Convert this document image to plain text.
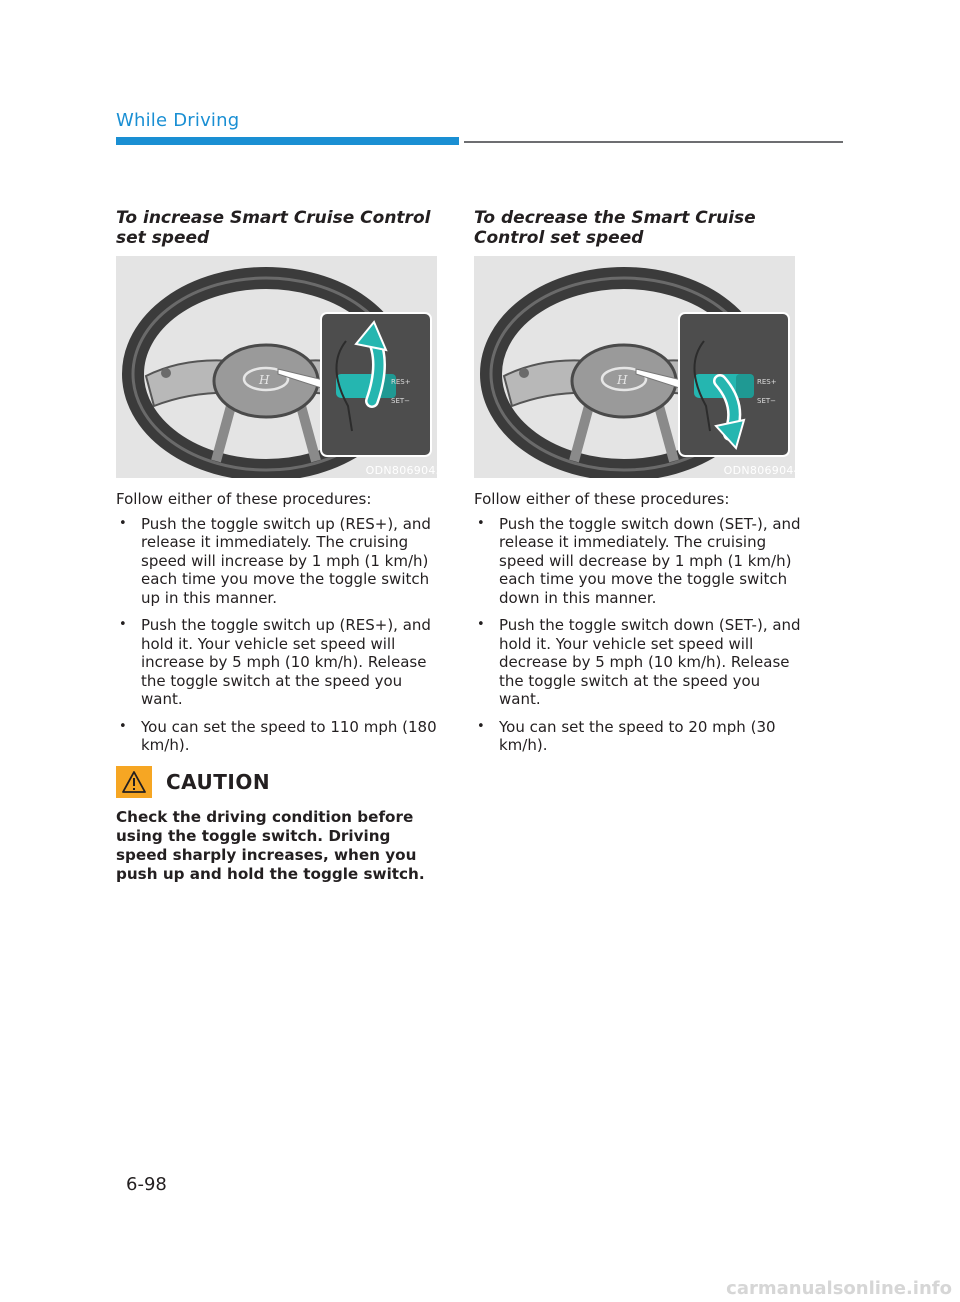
While Driving
To increase Smart Cruise Control set speed
H	RES+
SET−
ODN8069045

Follow either of these procedures:

• Push the toggle switch up (RES+), and release it immediately. The cruising speed will increase by 1 mph (1 km/h) each time you move the toggle switch up in this manner.
• Push the toggle switch up (RES+), and hold it. Your vehicle set speed will increase by 5 mph (10 km/h). Release the toggle switch at the speed you want.
• You can set the speed to 110 mph (180 km/h).
To decrease the Smart Cruise Control set speed
H	RES+
SET−
ODN8069044

Follow either of these procedures:

• Push the toggle switch down (SET-), and release it immediately. The cruising speed will decrease by 1 mph (1 km/h) each time you move the toggle switch down in this manner.
• Push the toggle switch down (SET-), and hold it. Your vehicle set speed will decrease by 5 mph (10 km/h). Release the toggle switch at the speed you want.
• You can set the speed to 20 mph (30 km/h).
CAUTION
Check the driving condition before using the toggle switch. Driving speed sharply increases, when you push up and hold the toggle switch.
6-98
carmanualsonline.info
